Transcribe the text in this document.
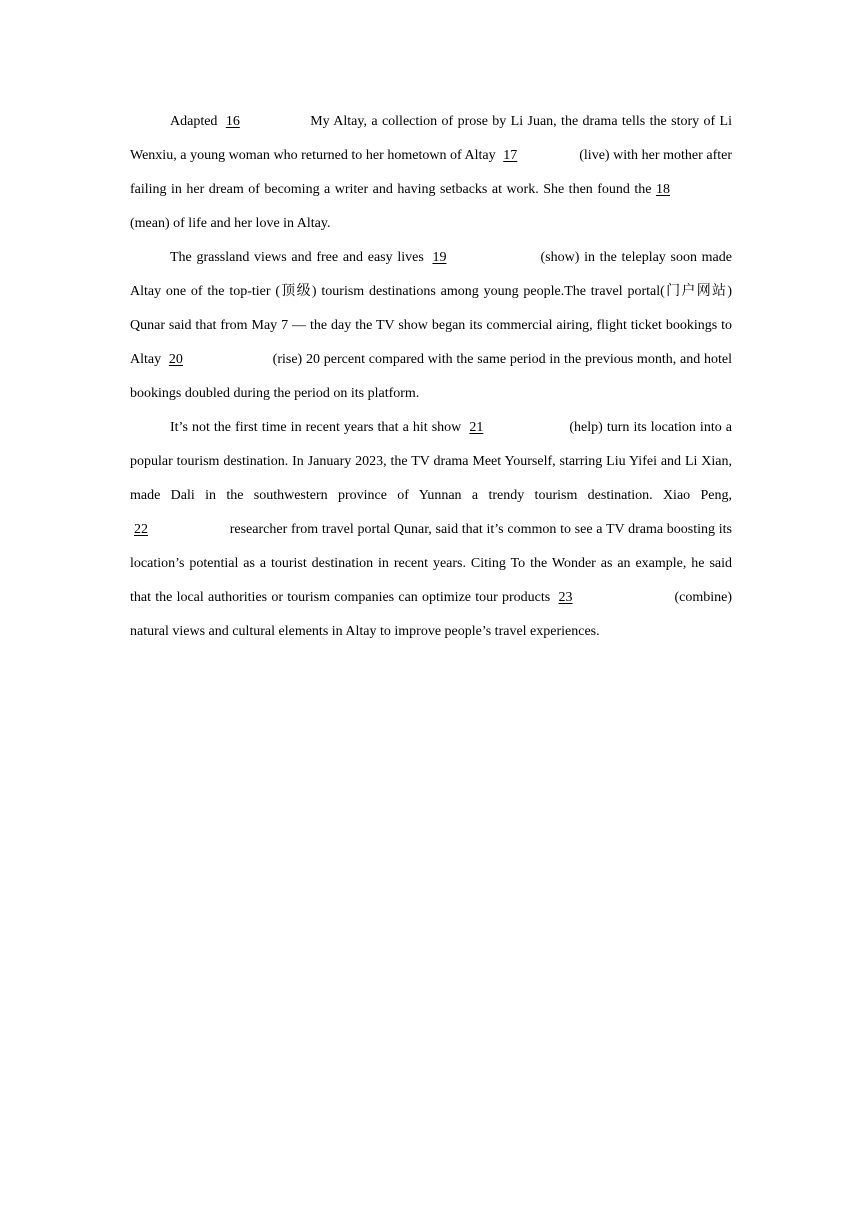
Adapted 16	My Altay, a collection of prose by Li Juan, the drama tells the story of Li Wenxiu, a young woman who returned to her hometown of Altay 17	(live) with her mother after failing in her dream of becoming a writer and having setbacks at work. She then found the 18(mean) of life and her love in Altay.

The grassland views and free and easy lives 19	(show) in the teleplay soon made Altay one of the top-tier (顶级) tourism destinations among young people.The travel portal(门户网站) Qunar said that from May 7 — the day the TV show began its commercial airing, flight ticket bookings to Altay 20	(rise) 20 percent compared with the same period in the previous month, and hotel bookings doubled during the period on its platform.

It’s not the first time in recent years that a hit show 21	(help) turn its location into a popular tourism destination. In January 2023, the TV drama Meet Yourself, starring Liu Yifei and Li Xian, made Dali in the southwestern province of Yunnan a trendy tourism destination. Xiao Peng, 22	researcher from travel portal Qunar, said that it’s common to see a TV drama boosting its location’s potential as a tourist destination in recent years. Citing To the Wonder as an example, he said that the local authorities or tourism companies can optimize tour products 23	(combine) natural views and cultural elements in Altay to improve people’s travel experiences.
